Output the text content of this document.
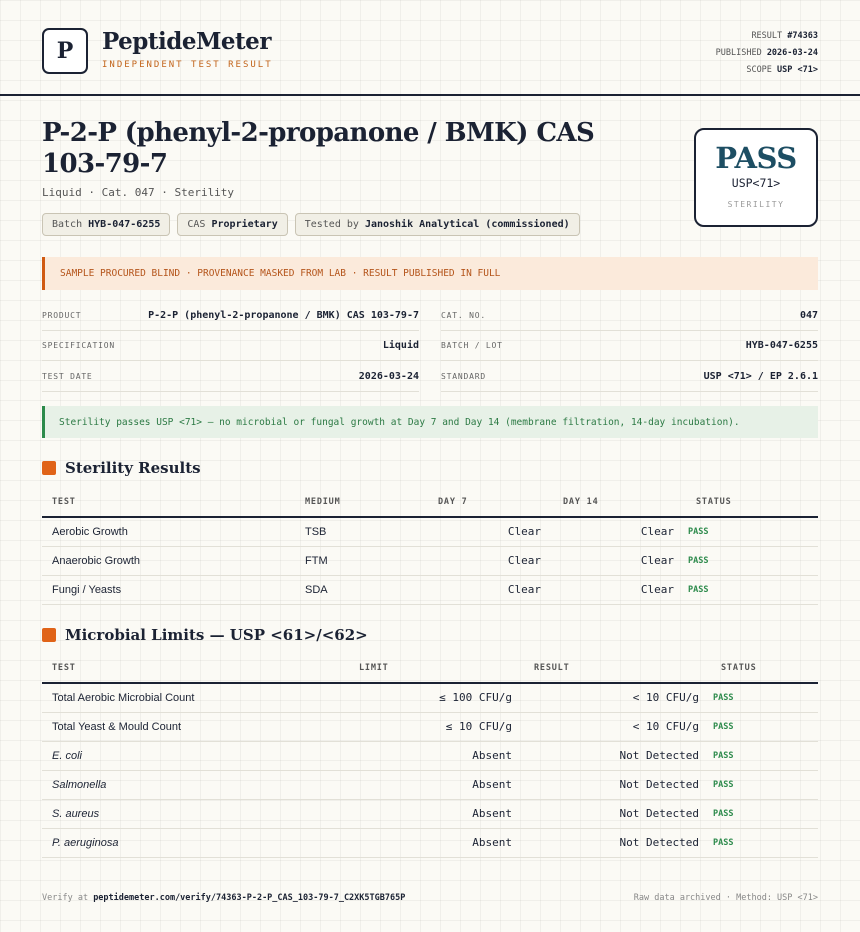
P	PeptideMeter
INDEPENDENT TEST RESULT
RESULT #74363
PUBLISHED 2026-03-24
SCOPE USP <71>
P-2-P (phenyl-2-propanone / BMK) CAS 103-79-7
Liquid · Cat. 047 · Sterility
Batch HYB-047-6255	CAS Proprietary	Tested by Janoshik Analytical (commissioned)
PASS
USP<71>
STERILITY
SAMPLE PROCURED BLIND · PROVENANCE MASKED FROM LAB · RESULT PUBLISHED IN FULL
PRODUCT	P-2-P (phenyl-2-propanone / BMK) CAS 103-79-7
SPECIFICATION	Liquid
TEST DATE	2026-03-24
CAT. NO.	047
BATCH / LOT	HYB-047-6255
STANDARD	USP <71> / EP 2.6.1
Sterility passes USP <71> — no microbial or fungal growth at Day 7 and Day 14 (membrane filtration, 14-day incubation).
Sterility Results
TEST	MEDIUM	DAY 7	DAY 14	STATUS
Aerobic Growth	TSB	Clear	Clear	PASS
Anaerobic Growth	FTM	Clear	Clear	PASS
Fungi / Yeasts	SDA	Clear	Clear	PASS
Microbial Limits — USP <61>/<62>
TEST	LIMIT	RESULT	STATUS
Total Aerobic Microbial Count	≤ 100 CFU/g	< 10 CFU/g	PASS
Total Yeast & Mould Count	≤ 10 CFU/g	< 10 CFU/g	PASS
E. coli	Absent	Not Detected	PASS
Salmonella	Absent	Not Detected	PASS
S. aureus	Absent	Not Detected	PASS
P. aeruginosa	Absent	Not Detected	PASS
Verify at peptidemeter.com/verify/74363-P-2-P_CAS_103-79-7_C2XK5TGB765P	Raw data archived · Method: USP <71>
